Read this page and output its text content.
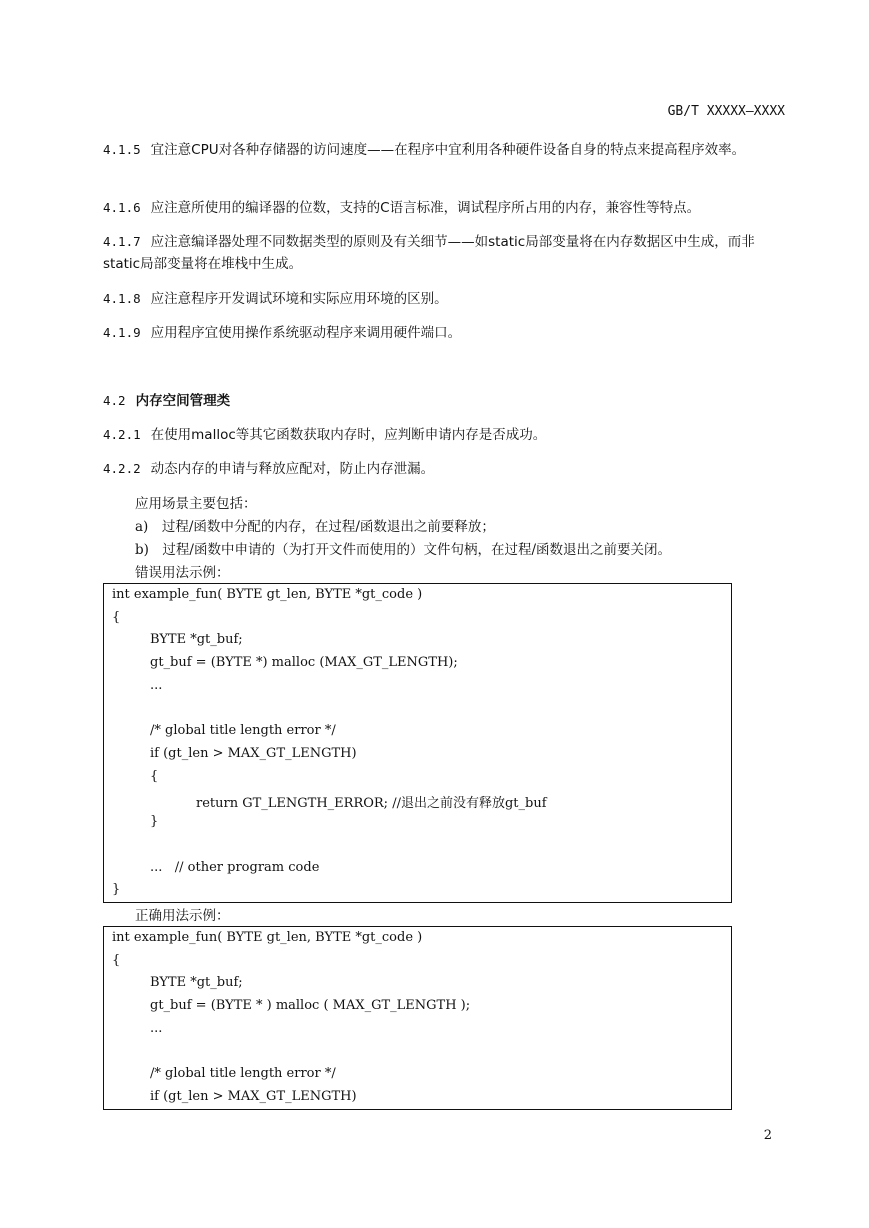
GB/T XXXXX—XXXX
4.1.5 宜注意CPU对各种存储器的访问速度——在程序中宜利用各种硬件设备自身的特点来提高程序效率。
4.1.6 应注意所使用的编译器的位数，支持的C语言标准，调试程序所占用的内存，兼容性等特点。
4.1.7 应注意编译器处理不同数据类型的原则及有关细节——如static局部变量将在内存数据区中生成，而非static局部变量将在堆栈中生成。
4.1.8 应注意程序开发调试环境和实际应用环境的区别。
4.1.9 应用程序宜使用操作系统驱动程序来调用硬件端口。
4.2 内存空间管理类
4.2.1 在使用malloc等其它函数获取内存时，应判断申请内存是否成功。
4.2.2 动态内存的申请与释放应配对，防止内存泄漏。
应用场景主要包括：
a)　过程/函数中分配的内存，在过程/函数退出之前要释放；
b)　过程/函数中申请的（为打开文件而使用的）文件句柄，在过程/函数退出之前要关闭。
错误用法示例：
int example_fun( BYTE gt_len, BYTE *gt_code )
{
BYTE *gt_buf;
gt_buf = (BYTE *) malloc (MAX_GT_LENGTH);
...
/* global title length error */
if (gt_len > MAX_GT_LENGTH)
{
return GT_LENGTH_ERROR; //退出之前没有释放gt_buf
}
...   // other program code
}
正确用法示例：
int example_fun( BYTE gt_len, BYTE *gt_code )
{
BYTE *gt_buf;
gt_buf = (BYTE * ) malloc ( MAX_GT_LENGTH );
...
/* global title length error */
if (gt_len > MAX_GT_LENGTH)
2
